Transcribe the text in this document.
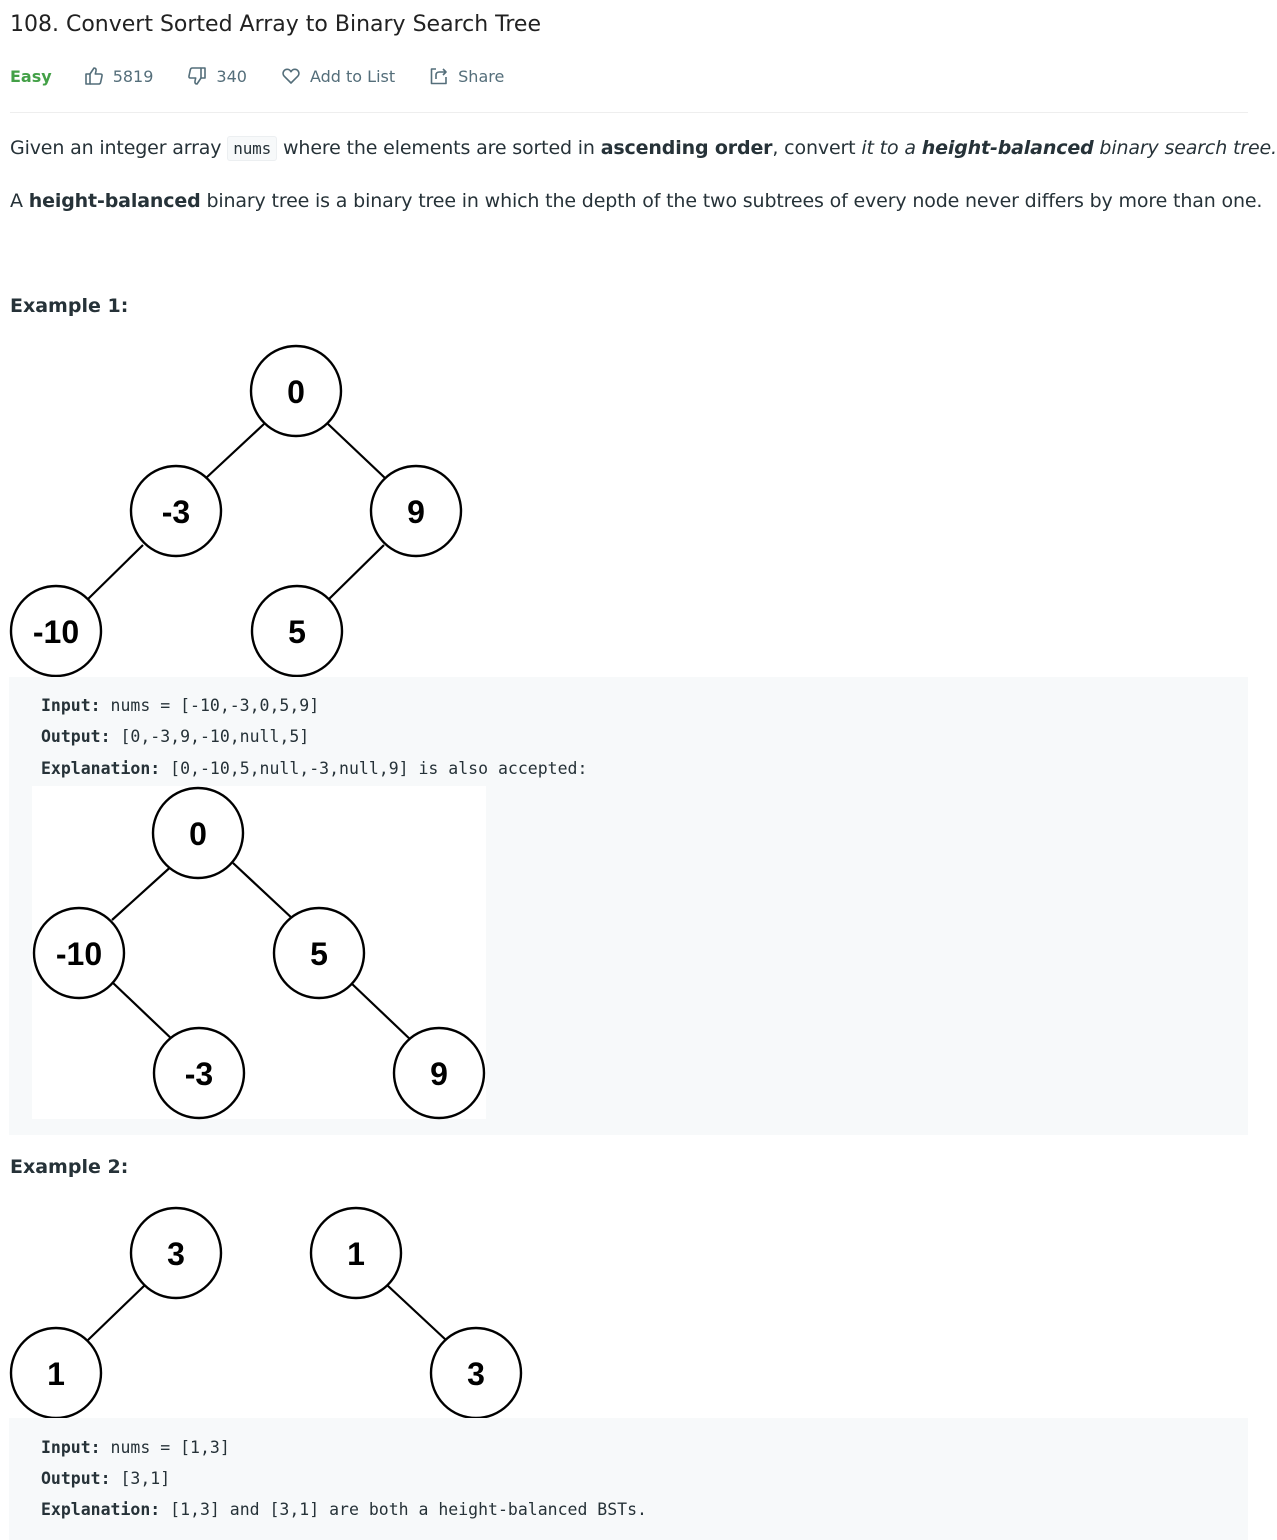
108. Convert Sorted Array to Binary Search Tree
Easy	5819	340	Add to List	Share
Given an integer array nums where the elements are sorted in ascending order, convert it to a height-balanced binary search tree.
A height-balanced binary tree is a binary tree in which the depth of the two subtrees of every node never differs by more than one.
Example 1:
0
-3	9
-10	5
Input: nums = [-10,-3,0,5,9]
Output: [0,-3,9,-10,null,5]
Explanation: [0,-10,5,null,-3,null,9] is also accepted:
0
-10	5
-3	9
Example 2:
3
1
1
3
Input: nums = [1,3]
Output: [3,1]
Explanation: [1,3] and [3,1] are both a height-balanced BSTs.
